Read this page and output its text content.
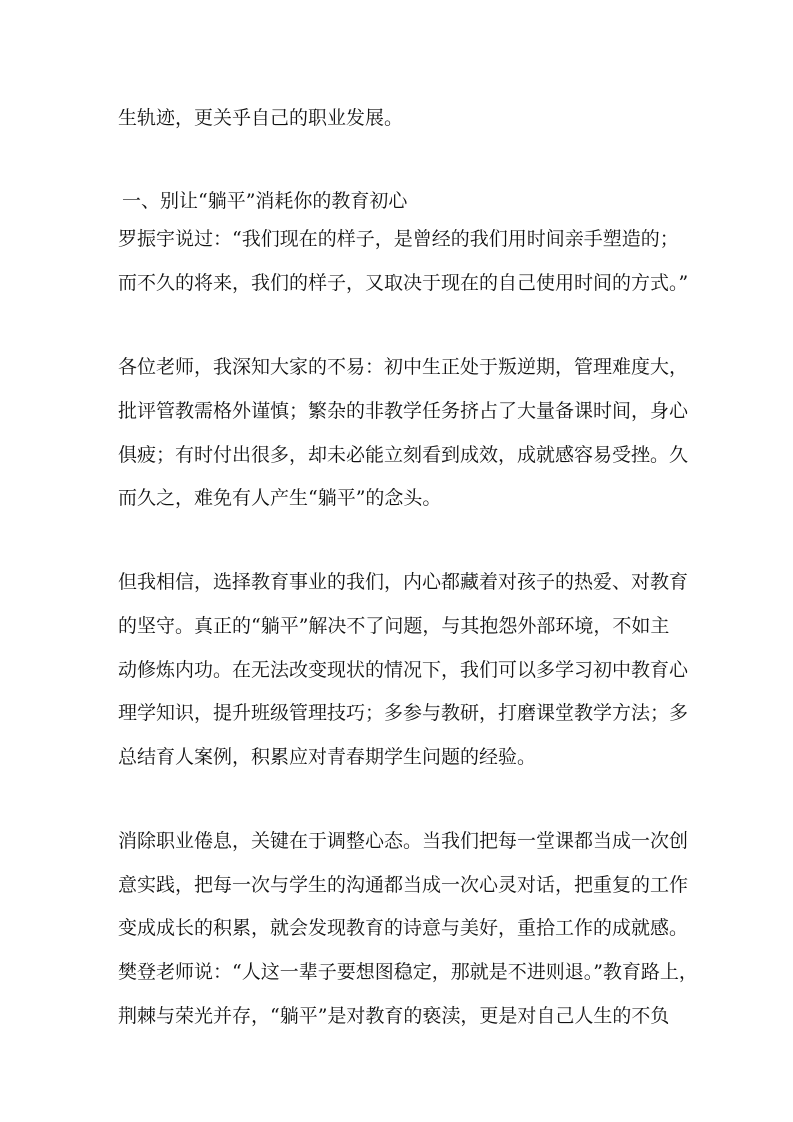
生轨迹，更关乎自己的职业发展。
一、别让“躺平”消耗你的教育初心
罗振宇说过：“我们现在的样子，是曾经的我们用时间亲手塑造的；
而不久的将来，我们的样子，又取决于现在的自己使用时间的方式。”
各位老师，我深知大家的不易：初中生正处于叛逆期，管理难度大，
批评管教需格外谨慎；繁杂的非教学任务挤占了大量备课时间，身心
俱疲；有时付出很多，却未必能立刻看到成效，成就感容易受挫。久
而久之，难免有人产生“躺平”的念头。
但我相信，选择教育事业的我们，内心都藏着对孩子的热爱、对教育
的坚守。真正的“躺平”解决不了问题，与其抱怨外部环境，不如主
动修炼内功。在无法改变现状的情况下，我们可以多学习初中教育心
理学知识，提升班级管理技巧；多参与教研，打磨课堂教学方法；多
总结育人案例，积累应对青春期学生问题的经验。
消除职业倦息，关键在于调整心态。当我们把每一堂课都当成一次创
意实践，把每一次与学生的沟通都当成一次心灵对话，把重复的工作
变成成长的积累，就会发现教育的诗意与美好，重拾工作的成就感。
樊登老师说：“人这一辈子要想图稳定，那就是不进则退。”教育路上，
荆棘与荣光并存，“躺平”是对教育的亵渎，更是对自己人生的不负
